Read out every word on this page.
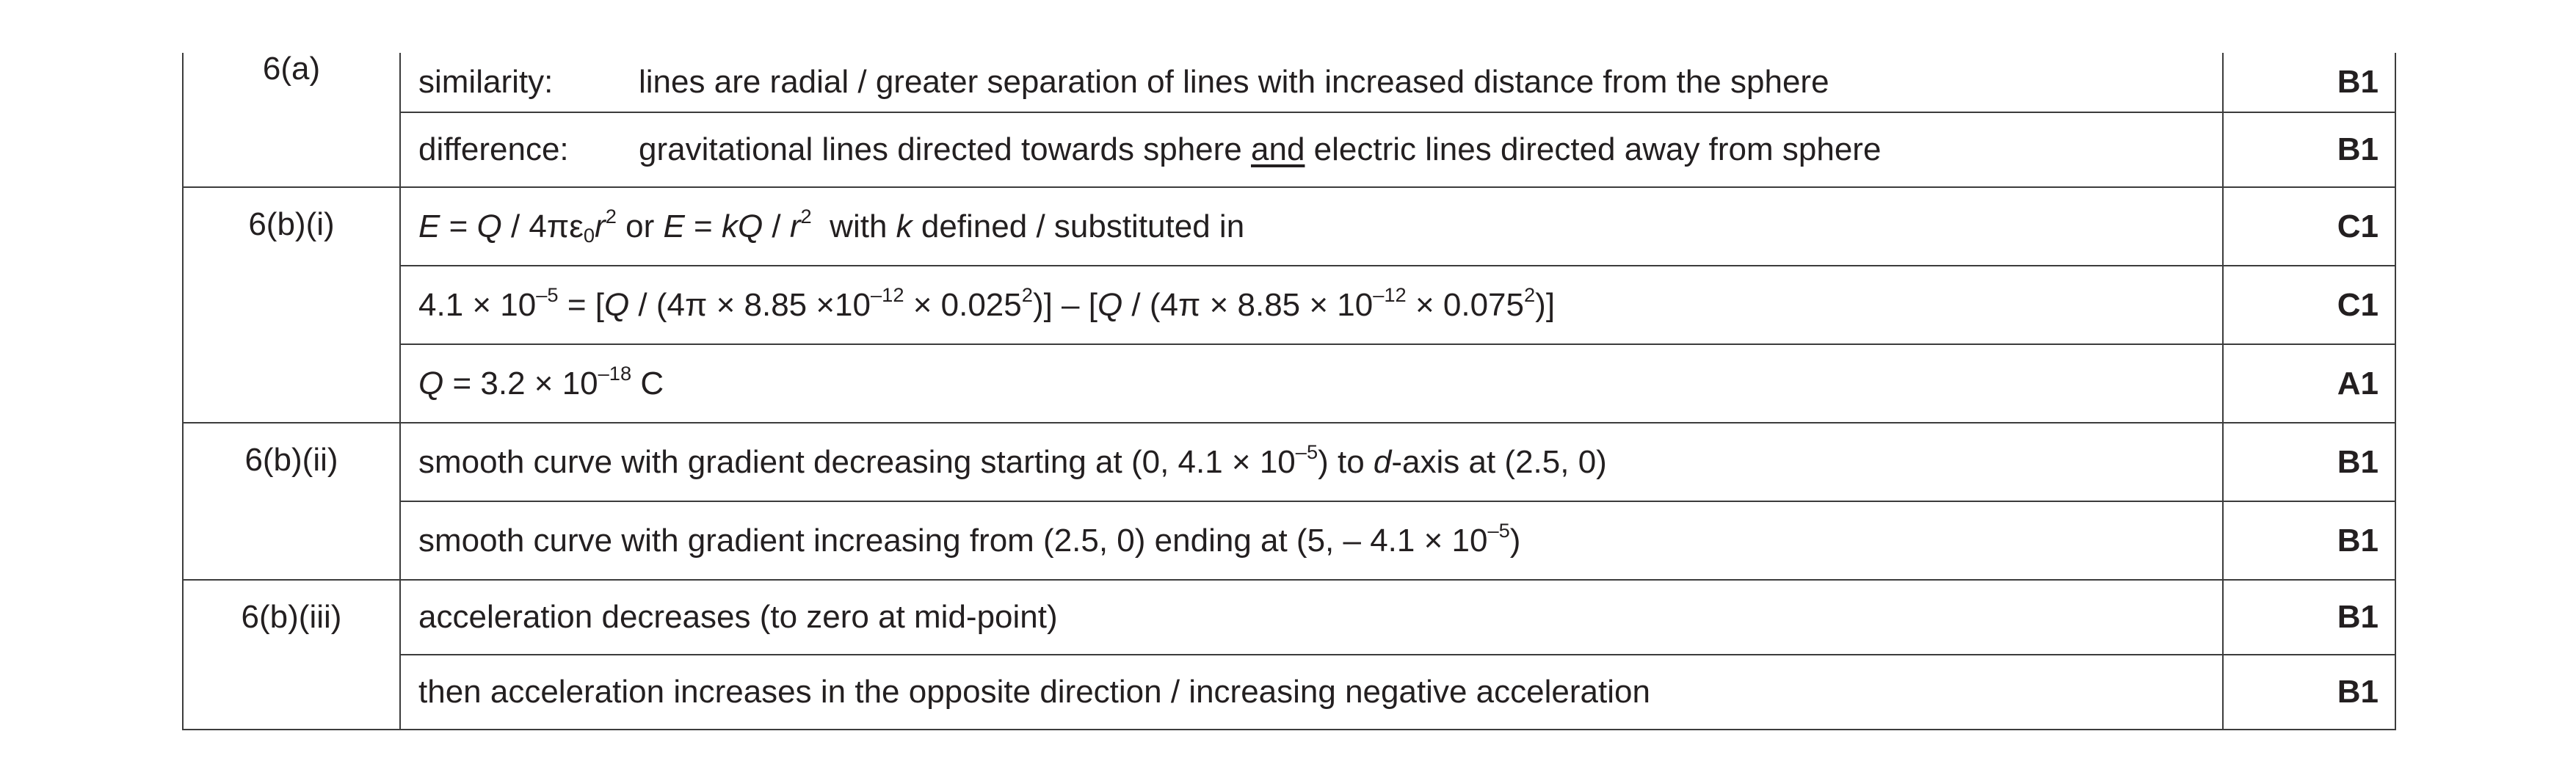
6(a)	similarity: lines are radial / greater separation of lines with increased distance from the sphere	B1
	difference: gravitational lines directed towards sphere and electric lines directed away from sphere	B1
6(b)(i)	$E = Q / 4\pi\varepsilon_0r^2$ or E = kQ / $r^2$  with k defined / substituted in	C1
	$4.1 \times 10^{-5} = [Q / (4\pi \times 8.85 \times 10^{-12} \times 0.025^2)] - [Q / (4\pi \times 8.85 \times 10^{-12} \times 0.075^2)]$	C1
	$Q = 3.2 \times 10^{-18}$ C	A1
6(b)(ii)	smooth curve with gradient decreasing starting at (0, $4.1 \times 10^{-5}$) to d-axis at (2.5, 0)	B1
	smooth curve with gradient increasing from (2.5, 0) ending at (5, – $4.1 \times 10^{-5}$)	B1
6(b)(iii)	acceleration decreases (to zero at mid-point)	B1
	then acceleration increases in the opposite direction / increasing negative acceleration	B1
